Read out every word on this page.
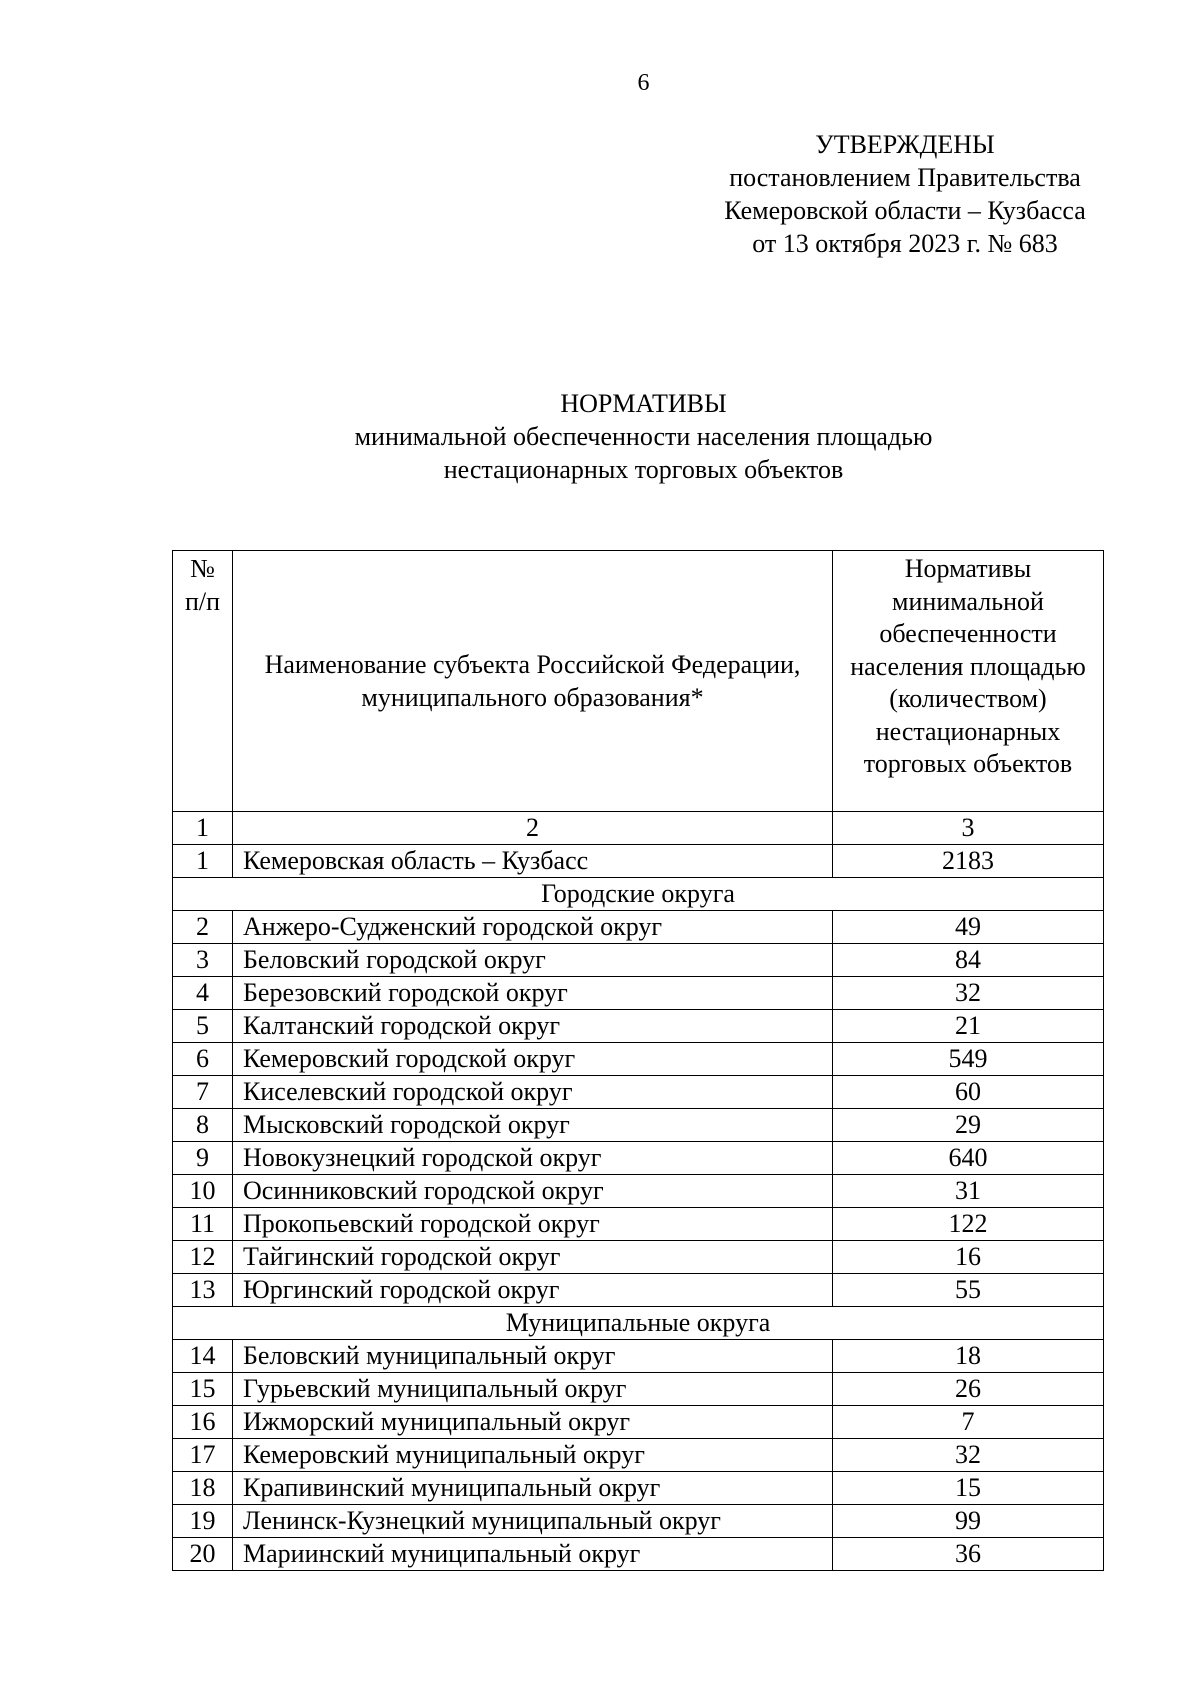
6
УТВЕРЖДЕНЫ
постановлением Правительства
Кемеровской области – Кузбасса
от 13 октября 2023 г. № 683
НОРМАТИВЫ
минимальной обеспеченности населения площадью
нестационарных торговых объектов
№ п/п	Наименование субъекта Российской Федерации, муниципального образования*	Нормативы минимальной обеспеченности населения площадью (количеством) нестационарных торговых объектов
1	2	3
1	Кемеровская область – Кузбасс	2183
Городские округа		
2	Анжеро-Судженский городской округ	49
3	Беловский городской округ	84
4	Березовский городской округ	32
5	Калтанский городской округ	21
6	Кемеровский городской округ	549
7	Киселевский городской округ	60
8	Мысковский городской округ	29
9	Новокузнецкий городской округ	640
10	Осинниковский городской округ	31
11	Прокопьевский городской округ	122
12	Тайгинский городской округ	16
13	Юргинский городской округ	55
Муниципальные округа		
14	Беловский муниципальный округ	18
15	Гурьевский муниципальный округ	26
16	Ижморский муниципальный округ	7
17	Кемеровский муниципальный округ	32
18	Крапивинский муниципальный округ	15
19	Ленинск-Кузнецкий муниципальный округ	99
20	Мариинский муниципальный округ	36
